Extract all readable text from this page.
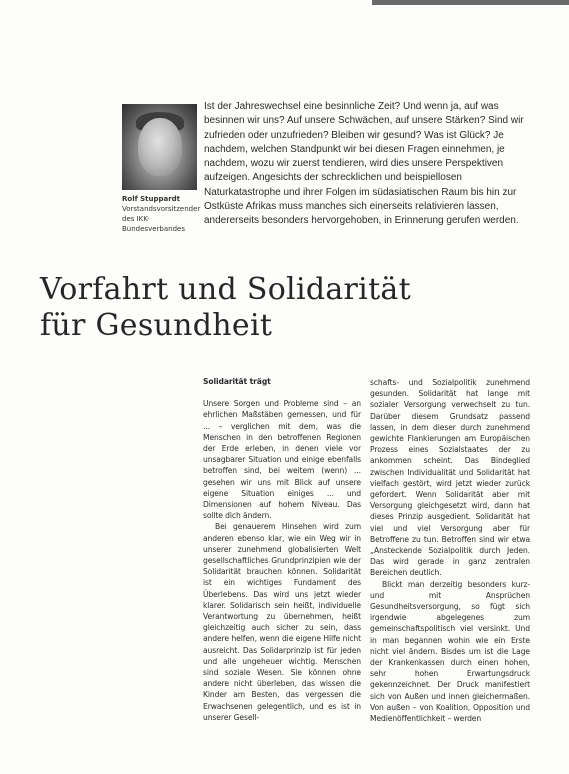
Rolf Stuppardt
Vorstandsvorsitzender des IKK-Bundesverbandes

Ist der Jahreswechsel eine besinnliche Zeit? Und wenn ja, auf was besinnen wir uns? Auf unsere Schwächen, auf unsere Stärken? Sind wir zufrieden oder unzufrieden? Bleiben wir gesund? Was ist Glück? Je nachdem, welchen Standpunkt wir bei diesen Fragen einnehmen, je nachdem, wozu wir zuerst tendieren, wird dies unsere Perspektiven aufzeigen. Angesichts der schrecklichen und beispiellosen Naturkatastrophe und ihrer Folgen im südasiatischen Raum bis hin zur Ostküste Afrikas muss manches sich einerseits relativieren lassen, andererseits besonders hervorgehoben, in Erinnerung gerufen werden.

Vorfahrt und Solidarität
für Gesundheit
Solidarität trägt

Unsere Sorgen und Probleme sind – an ehrlichen Maßstäben gemessen, und für ... – verglichen mit dem, was die Menschen in den betroffenen Regionen der Erde erleben, in denen viele vor unsagbarer Situation und einige ebenfalls betroffen sind, bei weitem (wenn) ... gesehen wir uns mit Blick auf unsere eigene Situation einiges ... und Dimensionen auf hohem Niveau. Das sollte dich ändern.

Bei genauerem Hinsehen wird zum anderen ebenso klar, wie ein Weg wir in unserer zunehmend globalisierten Welt gesellschaftliches Grundprinzipien wie der Solidarität brauchen können. Solidarität ist ein wichtiges Fundament des Überlebens. Das wird uns jetzt wieder klarer. Solidarisch sein heißt, individuelle Verantwortung zu übernehmen, heißt gleichzeitig auch sicher zu sein, dass andere helfen, wenn die eigene Hilfe nicht ausreicht. Das Solidarprinzip ist für jeden und alle ungeheuer wichtig. Menschen sind soziale Wesen. Sie können ohne andere nicht überleben, das wissen die Kinder am Besten, das vergessen die Erwachsenen gelegentlich, und es ist in unserer Gesell-

schafts- und Sozialpolitik zunehmend gesunden. Solidarität hat lange mit sozialer Versorgung verwechselt zu tun. Darüber diesem Grundsatz passend lassen, in dem dieser durch zunehmend gewichte Flankierungen am Europäischen Prozess eines Sozialstaates der zu ankommen scheint. Das Bindeglied zwischen Individualität und Solidarität hat vielfach gestört, wird jetzt wieder zurück gefordert. Wenn Solidarität aber mit Versorgung gleichgesetzt wird, dann hat dieses Prinzip ausgedient. Solidarität hat viel und viel Versorgung aber für Betroffene zu tun. Betroffen sind wir etwa „Ansteckende Sozialpolitik durch Jeden. Das wird gerade in ganz zentralen Bereichen deutlich.

Blickt man derzeitig besonders kurz- und mit Ansprüchen Gesundheitsversorgung, so fügt sich irgendwie abgelegenes zum gemeinschaftspolitisch viel versinkt. Und in man begannen wohin wie ein Erste nicht viel ändern. Bisdes um ist die Lage der Krankenkassen durch einen hohen, sehr hohen Erwartungsdruck gekennzeichnet. Der Druck manifestiert sich von Außen und innen gleichermaßen. Von außen – von Koalition, Opposition und Medienöffentlichkeit – werden
